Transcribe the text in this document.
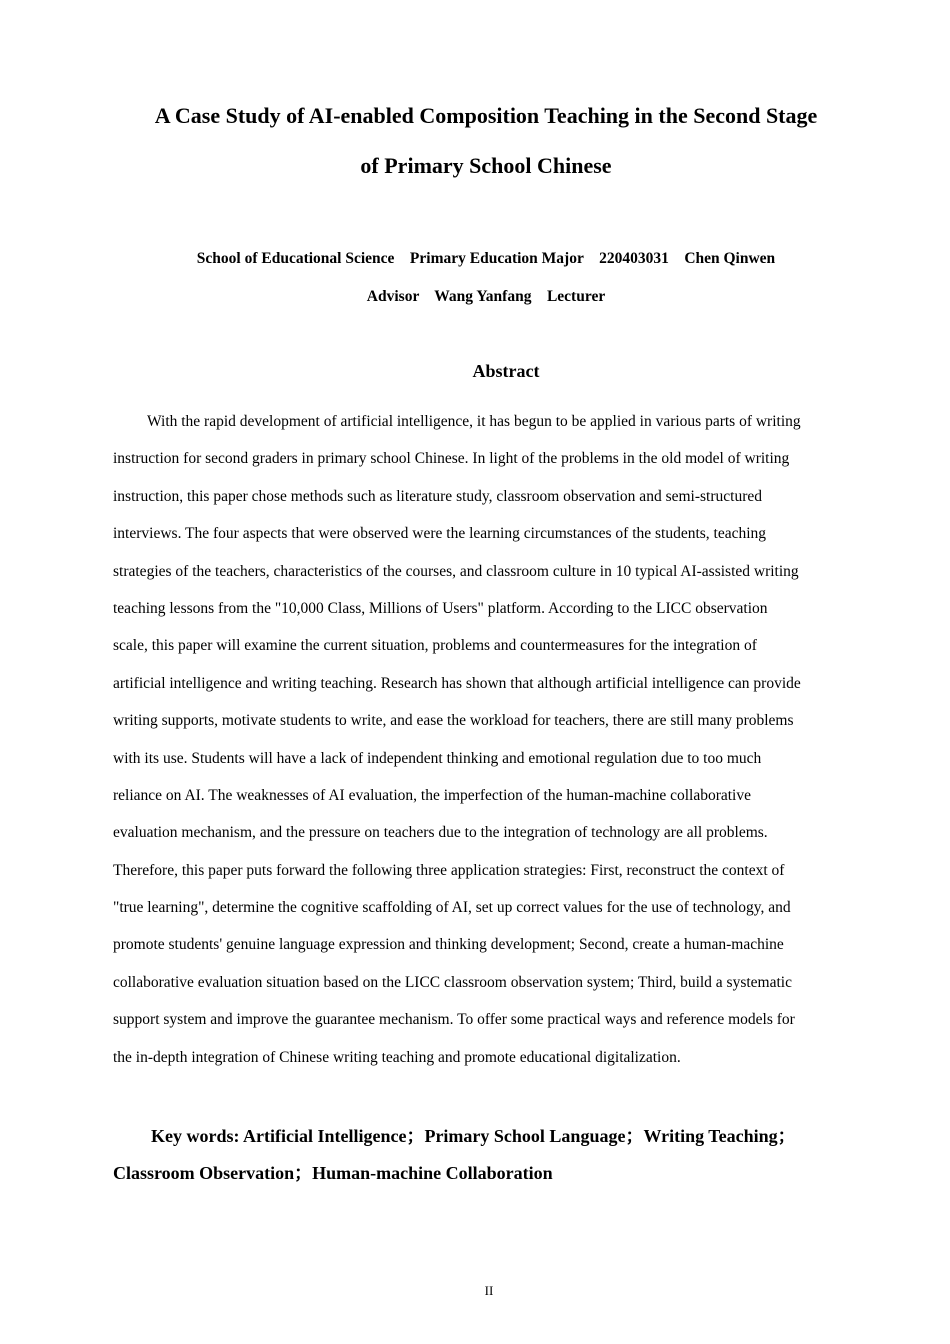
A Case Study of AI-enabled Composition Teaching in the Second Stage
of Primary School Chinese
School of Educational Science    Primary Education Major    220403031    Chen Qinwen
Advisor    Wang Yanfang    Lecturer
Abstract
With the rapid development of artificial intelligence, it has begun to be applied in various parts of writing
instruction for second graders in primary school Chinese. In light of the problems in the old model of writing
instruction, this paper chose methods such as literature study, classroom observation and semi-structured
interviews. The four aspects that were observed were the learning circumstances of the students, teaching
strategies of the teachers, characteristics of the courses, and classroom culture in 10 typical AI-assisted writing
teaching lessons from the "10,000 Class, Millions of Users" platform. According to the LICC observation
scale, this paper will examine the current situation, problems and countermeasures for the integration of
artificial intelligence and writing teaching. Research has shown that although artificial intelligence can provide
writing supports, motivate students to write, and ease the workload for teachers, there are still many problems
with its use. Students will have a lack of independent thinking and emotional regulation due to too much
reliance on AI. The weaknesses of AI evaluation, the imperfection of the human-machine collaborative
evaluation mechanism, and the pressure on teachers due to the integration of technology are all problems.
Therefore, this paper puts forward the following three application strategies: First, reconstruct the context of
"true learning", determine the cognitive scaffolding of AI, set up correct values for the use of technology, and
promote students' genuine language expression and thinking development; Second, create a human-machine
collaborative evaluation situation based on the LICC classroom observation system; Third, build a systematic
support system and improve the guarantee mechanism. To offer some practical ways and reference models for
the in-depth integration of Chinese writing teaching and promote educational digitalization.
Key words: Artificial Intelligence；Primary School Language；Writing Teaching；
Classroom Observation；Human-machine Collaboration
II
